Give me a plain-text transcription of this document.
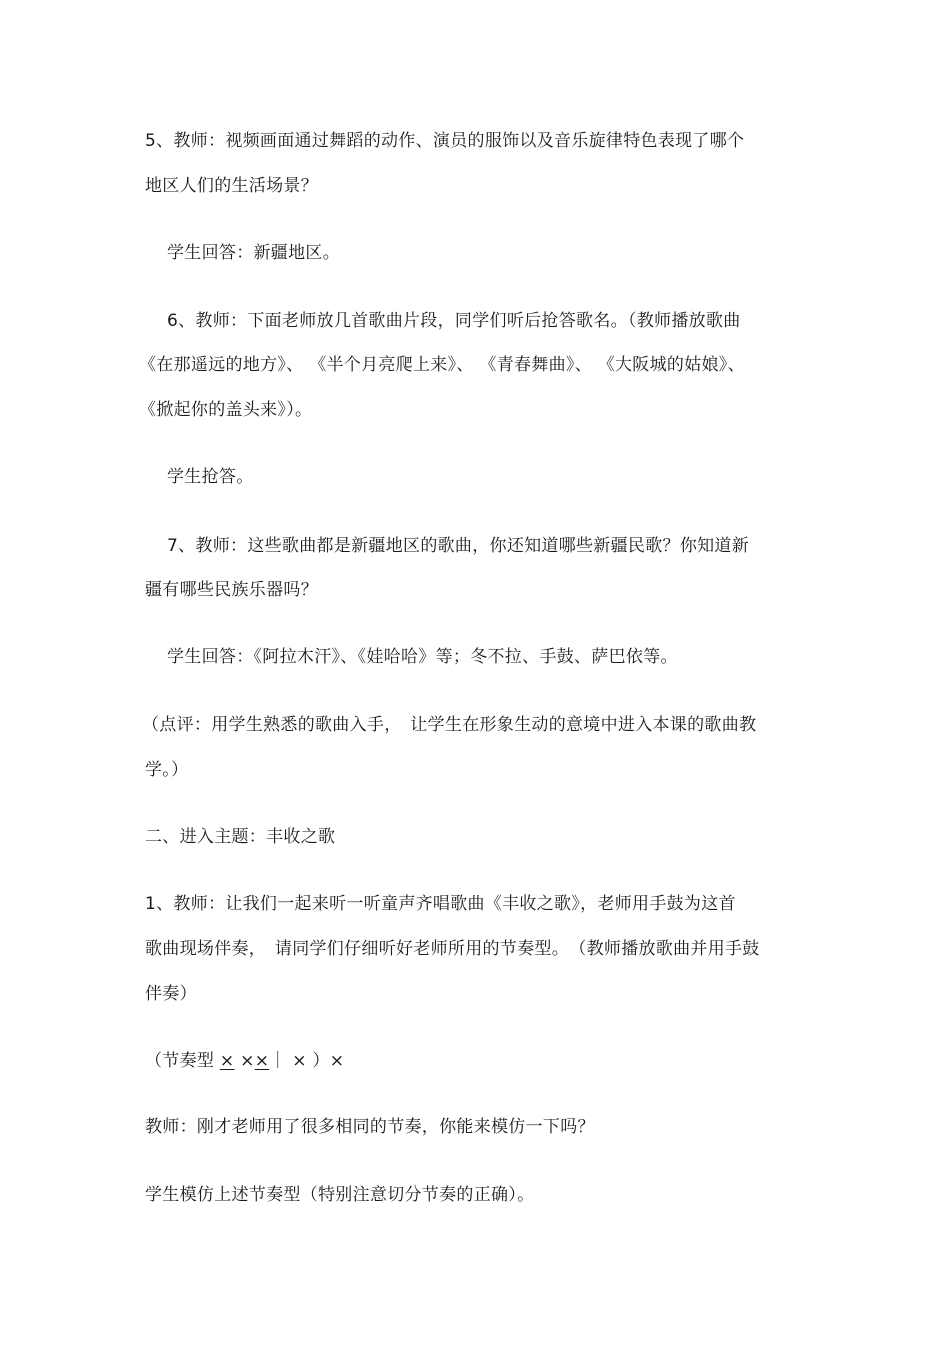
5、教师：视频画面通过舞蹈的动作、演员的服饰以及音乐旋律特色表现了哪个
地区人们的生活场景？
学生回答：新疆地区。
6、教师：下面老师放几首歌曲片段，同学们听后抢答歌名。（教师播放歌曲
《在那遥远的地方》、 《半个月亮爬上来》、 《青春舞曲》、 《大阪城的姑娘》、
《掀起你的盖头来》）。
学生抢答。
7、教师：这些歌曲都是新疆地区的歌曲，你还知道哪些新疆民歌？你知道新
疆有哪些民族乐器吗？
学生回答：《阿拉木汗》、《娃哈哈》等；冬不拉、手鼓、萨巴依等。
（点评：用学生熟悉的歌曲入手，　让学生在形象生动的意境中进入本课的歌曲教
学。）
二、进入主题：丰收之歌
1、教师：让我们一起来听一听童声齐唱歌曲《丰收之歌》，老师用手鼓为这首
歌曲现场伴奏，　请同学们仔细听好老师所用的节奏型。　（教师播放歌曲并用手鼓
伴奏）
（节奏型 × ××｜ × ）×
教师：刚才老师用了很多相同的节奏，你能来模仿一下吗？
学生模仿上述节奏型（特别注意切分节奏的正确）。
